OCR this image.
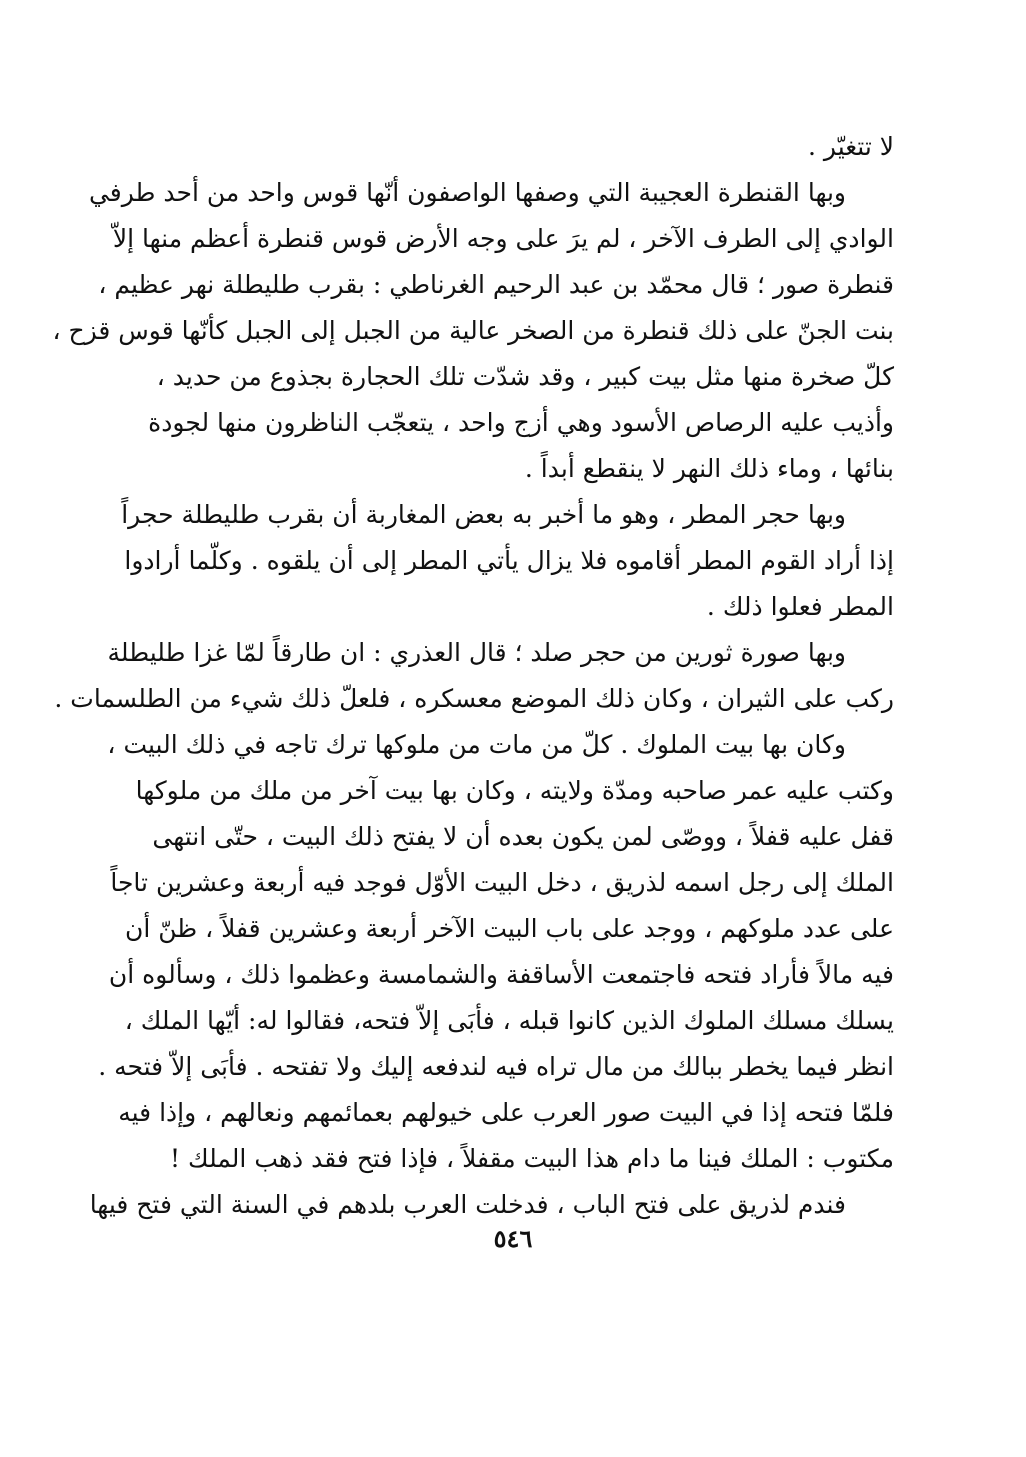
لا تتغيّر .
وبها القنطرة العجيبة التي وصفها الواصفون أنّها قوس واحد من أحد طرفي
الوادي إلى الطرف الآخر ، لم يرَ على وجه الأرض قوس قنطرة أعظم منها إلاّ
قنطرة صور ؛ قال محمّد بن عبد الرحيم الغرناطي : بقرب طليطلة نهر عظيم ،
بنت الجنّ على ذلك قنطرة من الصخر عالية من الجبل إلى الجبل كأنّها قوس قزح ،
كلّ صخرة منها مثل بيت كبير ، وقد شدّت تلك الحجارة بجذوع من حديد ،
وأذيب عليه الرصاص الأسود وهي أزج واحد ، يتعجّب الناظرون منها لجودة
بنائها ، وماء ذلك النهر لا ينقطع أبداً .
وبها حجر المطر ، وهو ما أخبر به بعض المغاربة أن بقرب طليطلة حجراً
إذا أراد القوم المطر أقاموه فلا يزال يأتي المطر إلى أن يلقوه . وكلّما أرادوا
المطر فعلوا ذلك .
وبها صورة ثورين من حجر صلد ؛ قال العذري : ان طارقاً لمّا غزا طليطلة
ركب على الثيران ، وكان ذلك الموضع معسكره ، فلعلّ ذلك شيء من الطلسمات .
وكان بها بيت الملوك . كلّ من مات من ملوكها ترك تاجه في ذلك البيت ،
وكتب عليه عمر صاحبه ومدّة ولايته ، وكان بها بيت آخر من ملك من ملوكها
قفل عليه قفلاً ، ووصّى لمن يكون بعده أن لا يفتح ذلك البيت ، حتّى انتهى
الملك إلى رجل اسمه لذريق ، دخل البيت الأوّل فوجد فيه أربعة وعشرين تاجاً
على عدد ملوكهم ، ووجد على باب البيت الآخر أربعة وعشرين قفلاً ، ظنّ أن
فيه مالاً فأراد فتحه فاجتمعت الأساقفة والشمامسة وعظموا ذلك ، وسألوه أن
يسلك مسلك الملوك الذين كانوا قبله ، فأبَى إلاّ فتحه، فقالوا له: أيّها الملك ،
انظر فيما يخطر ببالك من مال تراه فيه لندفعه إليك ولا تفتحه . فأبَى إلاّ فتحه .
فلمّا فتحه إذا في البيت صور العرب على خيولهم بعمائمهم ونعالهم ، وإذا فيه
مكتوب : الملك فينا ما دام هذا البيت مقفلاً ، فإذا فتح فقد ذهب الملك !
فندم لذريق على فتح الباب ، فدخلت العرب بلدهم في السنة التي فتح فيها
٥٤٦
